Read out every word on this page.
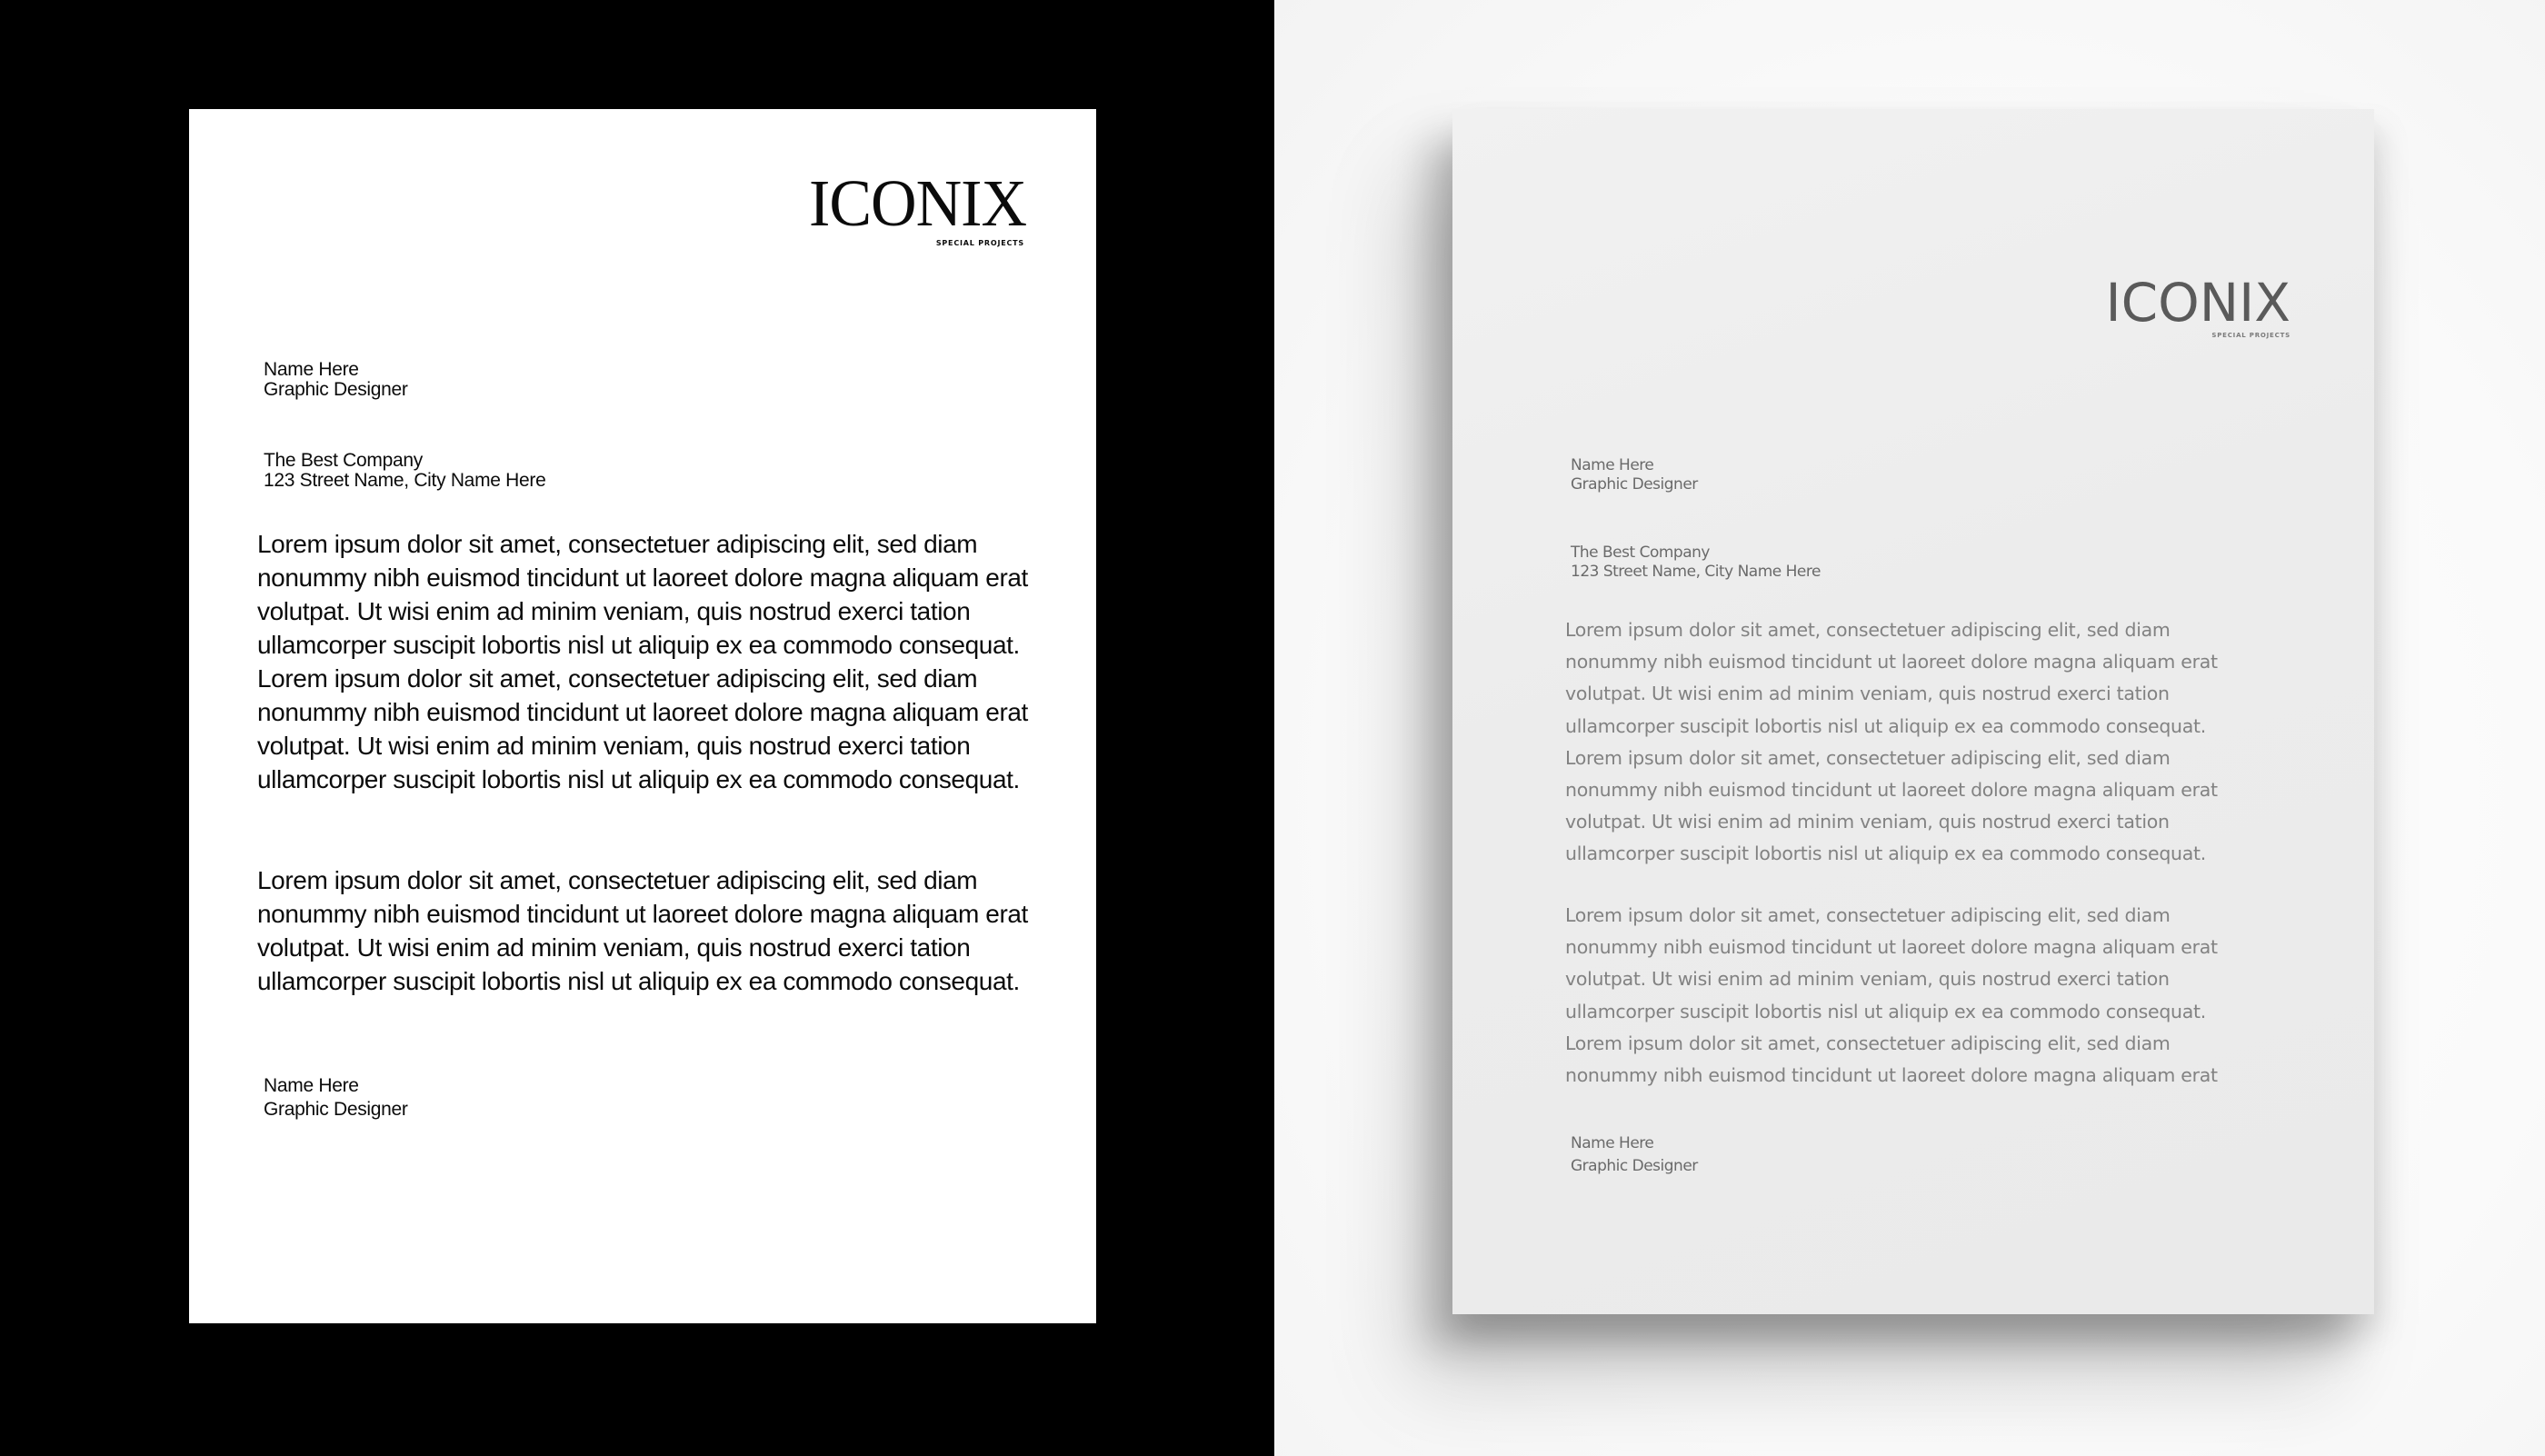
ICONIX
SPECIAL PROJECTS
Name Here
Graphic Designer
The Best Company
123 Street Name, City Name Here

Lorem ipsum dolor sit amet, consectetuer adipiscing elit, sed diam nonummy nibh euismod tincidunt ut laoreet dolore magna aliquam erat volutpat. Ut wisi enim ad minim veniam, quis nostrud exerci tation ullamcorper suscipit lobortis nisl ut aliquip ex ea commodo consequat. Lorem ipsum dolor sit amet, consectetuer adipiscing elit, sed diam nonummy nibh euismod tincidunt ut laoreet dolore magna aliquam erat volutpat. Ut wisi enim ad minim veniam, quis nostrud exerci tation ullamcorper suscipit lobortis nisl ut aliquip ex ea commodo consequat.

Lorem ipsum dolor sit amet, consectetuer adipiscing elit, sed diam nonummy nibh euismod tincidunt ut laoreet dolore magna aliquam erat volutpat. Ut wisi enim ad minim veniam, quis nostrud exerci tation ullamcorper suscipit lobortis nisl ut aliquip ex ea commodo consequat.

Name Here
Graphic Designer
ICONIX
SPECIAL PROJECTS
Name Here
Graphic Designer
The Best Company
123 Street Name, City Name Here

Lorem ipsum dolor sit amet, consectetuer adipiscing elit, sed diam nonummy nibh euismod tincidunt ut laoreet dolore magna aliquam erat volutpat. Ut wisi enim ad minim veniam, quis nostrud exerci tation ullamcorper suscipit lobortis nisl ut aliquip ex ea commodo consequat. Lorem ipsum dolor sit amet, consectetuer adipiscing elit, sed diam nonummy nibh euismod tincidunt ut laoreet dolore magna aliquam erat volutpat. Ut wisi enim ad minim veniam, quis nostrud exerci tation ullamcorper suscipit lobortis nisl ut aliquip ex ea commodo consequat.

Lorem ipsum dolor sit amet, consectetuer adipiscing elit, sed diam nonummy nibh euismod tincidunt ut laoreet dolore magna aliquam erat volutpat. Ut wisi enim ad minim veniam, quis nostrud exerci tation ullamcorper suscipit lobortis nisl ut aliquip ex ea commodo consequat. Lorem ipsum dolor sit amet, consectetuer adipiscing elit, sed diam nonummy nibh euismod tincidunt ut laoreet dolore magna aliquam erat

Name Here
Graphic Designer
